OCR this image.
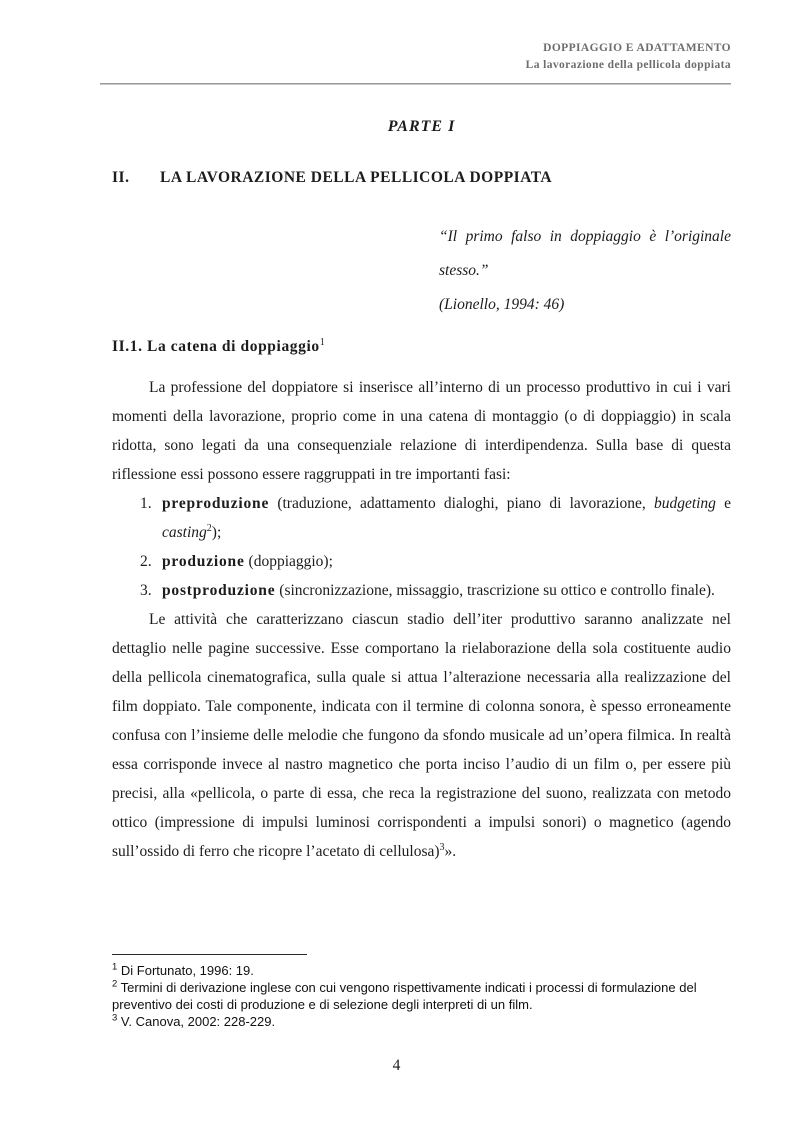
DOPPIAGGIO E ADATTAMENTO
La lavorazione della pellicola doppiata
PARTE I
II.	LA LAVORAZIONE DELLA PELLICOLA DOPPIATA
“Il primo falso in doppiaggio è l’originale stesso.”
(Lionello, 1994: 46)
II.1. La catena di doppiaggio$^1$

La professione del doppiatore si inserisce all’interno di un processo produttivo in cui i vari momenti della lavorazione, proprio come in una catena di montaggio (o di doppiaggio) in scala ridotta, sono legati da una consequenziale relazione di interdipendenza. Sulla base di questa riflessione essi possono essere raggruppati in tre importanti fasi:

1. preproduzione (traduzione, adattamento dialoghi, piano di lavorazione, budgeting e casting$^2$);
2. produzione (doppiaggio);
3. postproduzione (sincronizzazione, missaggio, trascrizione su ottico e controllo finale).

Le attività che caratterizzano ciascun stadio dell’iter produttivo saranno analizzate nel dettaglio nelle pagine successive. Esse comportano la rielaborazione della sola costituente audio della pellicola cinematografica, sulla quale si attua l’alterazione necessaria alla realizzazione del film doppiato. Tale componente, indicata con il termine di colonna sonora, è spesso erroneamente confusa con l’insieme delle melodie che fungono da sfondo musicale ad un’opera filmica. In realtà essa corrisponde invece al nastro magnetico che porta inciso l’audio di un film o, per essere più precisi, alla «pellicola, o parte di essa, che reca la registrazione del suono, realizzata con metodo ottico (impressione di impulsi luminosi corrispondenti a impulsi sonori) o magnetico (agendo sull’ossido di ferro che ricopre l’acetato di cellulosa)$^3$».

$^1$ Di Fortunato, 1996: 19.
$^2$ Termini di derivazione inglese con cui vengono rispettivamente indicati i processi di formulazione del preventivo dei costi di produzione e di selezione degli interpreti di un film.
$^3$ V. Canova, 2002: 228-229.
4
